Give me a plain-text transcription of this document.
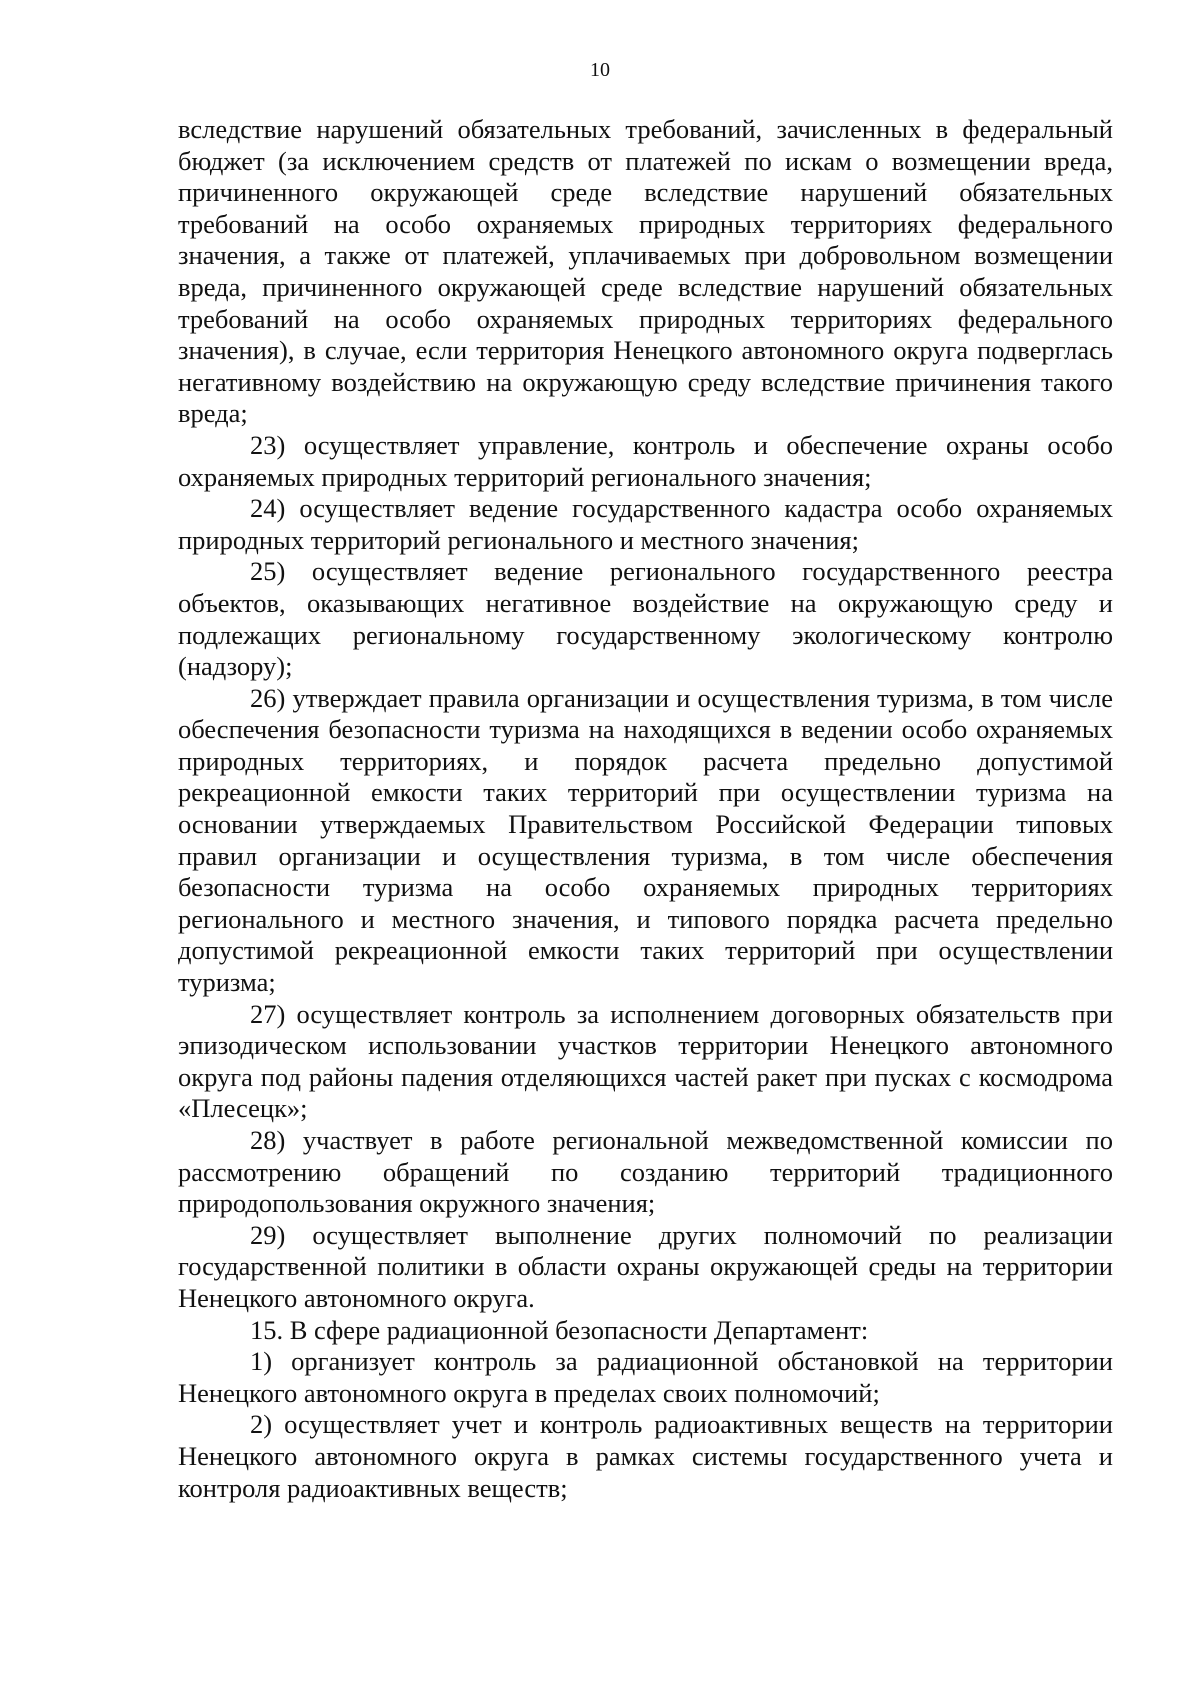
10

вследствие нарушений обязательных требований, зачисленных в федеральный бюджет (за исключением средств от платежей по искам о возмещении вреда, причиненного окружающей среде вследствие нарушений обязательных требований на особо охраняемых природных территориях федерального значения, а также от платежей, уплачиваемых при добровольном возмещении вреда, причиненного окружающей среде вследствие нарушений обязательных требований на особо охраняемых природных территориях федерального значения), в случае, если территория Ненецкого автономного округа подверглась негативному воздействию на окружающую среду вследствие причинения такого вреда;

23) осуществляет управление, контроль и обеспечение охраны особо охраняемых природных территорий регионального значения;

24) осуществляет ведение государственного кадастра особо охраняемых природных территорий регионального и местного значения;

25) осуществляет ведение регионального государственного реестра объектов, оказывающих негативное воздействие на окружающую среду и подлежащих региональному государственному экологическому контролю (надзору);

26) утверждает правила организации и осуществления туризма, в том числе обеспечения безопасности туризма на находящихся в ведении особо охраняемых природных территориях, и порядок расчета предельно допустимой рекреационной емкости таких территорий при осуществлении туризма на основании утверждаемых Правительством Российской Федерации типовых правил организации и осуществления туризма, в том числе обеспечения безопасности туризма на особо охраняемых природных территориях регионального и местного значения, и типового порядка расчета предельно допустимой рекреационной емкости таких территорий при осуществлении туризма;

27) осуществляет контроль за исполнением договорных обязательств при эпизодическом использовании участков территории Ненецкого автономного округа под районы падения отделяющихся частей ракет при пусках с космодрома «Плесецк»;

28) участвует в работе региональной межведомственной комиссии по рассмотрению обращений по созданию территорий традиционного природопользования окружного значения;

29) осуществляет выполнение других полномочий по реализации государственной политики в области охраны окружающей среды на территории Ненецкого автономного округа.

15. В сфере радиационной безопасности Департамент:

1) организует контроль за радиационной обстановкой на территории Ненецкого автономного округа в пределах своих полномочий;

2) осуществляет учет и контроль радиоактивных веществ на территории Ненецкого автономного округа в рамках системы государственного учета и контроля радиоактивных веществ;
